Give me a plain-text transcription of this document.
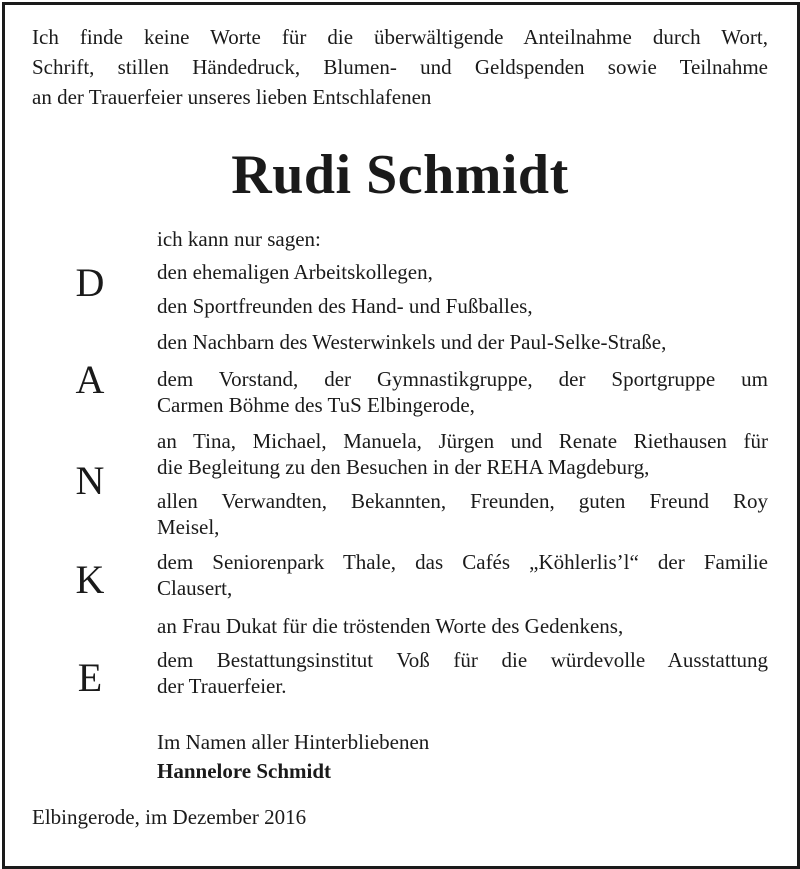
Ich finde keine Worte für die überwältigende Anteilnahme durch Wort,
Schrift, stillen Händedruck, Blumen- und Geldspenden sowie Teilnahme
an der Trauerfeier unseres lieben Entschlafenen
Rudi Schmidt
D
A
N
K
E
ich kann nur sagen:
den ehemaligen Arbeitskollegen,
den Sportfreunden des Hand- und Fußballes,
den Nachbarn des Westerwinkels und der Paul-Selke-Straße,
dem Vorstand, der Gymnastikgruppe, der Sportgruppe um
Carmen Böhme des TuS Elbingerode,
an Tina, Michael, Manuela, Jürgen und Renate Riethausen für
die Begleitung zu den Besuchen in der REHA Magdeburg,
allen Verwandten, Bekannten, Freunden, guten Freund Roy
Meisel,
dem Seniorenpark Thale, das Cafés „Köhlerlis’l“ der Familie
Clausert,
an Frau Dukat für die tröstenden Worte des Gedenkens,
dem Bestattungsinstitut Voß für die würdevolle Ausstattung
der Trauerfeier.
Im Namen aller Hinterbliebenen
Hannelore Schmidt
Elbingerode, im Dezember 2016
